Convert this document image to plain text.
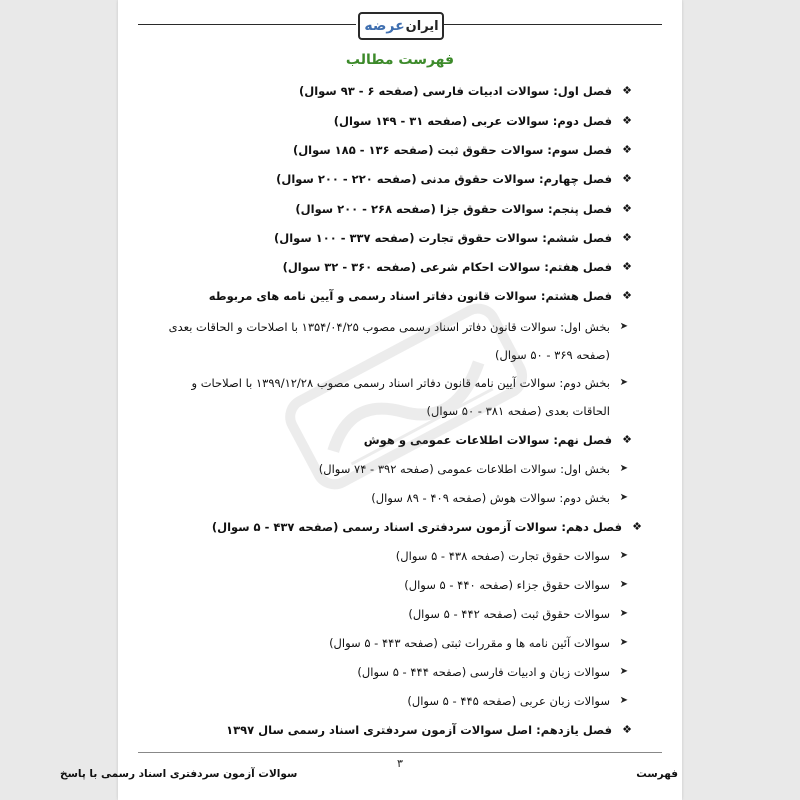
ایران
عرضه
فهرست مطالب
❖
فصل اول: سوالات ادبیات فارسی (صفحه ۶ - ۹۳ سوال)
❖
فصل دوم: سوالات عربی (صفحه ۳۱ - ۱۴۹ سوال)
❖
فصل سوم: سوالات حقوق ثبت (صفحه ۱۳۶ - ۱۸۵ سوال)
❖
فصل چهارم: سوالات حقوق مدنی (صفحه ۲۲۰ - ۲۰۰ سوال)
❖
فصل پنجم: سوالات حقوق جزا (صفحه ۲۶۸ - ۲۰۰ سوال)
❖
فصل ششم: سوالات حقوق تجارت (صفحه ۳۳۷ - ۱۰۰ سوال)
❖
فصل هفتم: سوالات احکام شرعی (صفحه ۳۶۰ - ۳۲ سوال)
❖
فصل هشتم: سوالات قانون دفاتر اسناد رسمی و آیین نامه های مربوطه
➤
بخش اول: سوالات قانون دفاتر اسناد رسمی مصوب ۱۳۵۴/۰۴/۲۵ با اصلاحات و الحاقات بعدی (صفحه ۳۶۹ - ۵۰ سوال)
➤
بخش دوم: سوالات آیین نامه قانون دفاتر اسناد رسمی مصوب ۱۳۹۹/۱۲/۲۸ با اصلاحات و الحاقات بعدی (صفحه ۳۸۱ - ۵۰ سوال)
❖
فصل نهم: سوالات اطلاعات عمومی و هوش
➤
بخش اول: سوالات اطلاعات عمومی (صفحه ۳۹۲ - ۷۴ سوال)
➤
بخش دوم: سوالات هوش (صفحه ۴۰۹ - ۸۹ سوال)
❖
فصل دهم: سوالات آزمون سردفتری اسناد رسمی (صفحه ۴۳۷ - ۵ سوال)
➤
سوالات حقوق تجارت (صفحه ۴۳۸ - ۵ سوال)
➤
سوالات حقوق جزاء (صفحه ۴۴۰ - ۵ سوال)
➤
سوالات حقوق ثبت (صفحه ۴۴۲ - ۵ سوال)
➤
سوالات آئین نامه ها و مقررات ثبتی (صفحه ۴۴۳ - ۵ سوال)
➤
سوالات زبان و ادبیات فارسی (صفحه ۴۴۴ - ۵ سوال)
➤
سوالات زبان عربی (صفحه ۴۴۵ - ۵ سوال)
❖
فصل یازدهم: اصل سوالات آزمون سردفتری اسناد رسمی سال ۱۳۹۷
۳
سوالات آزمون سردفتری اسناد رسمی با پاسخ	فهرست
